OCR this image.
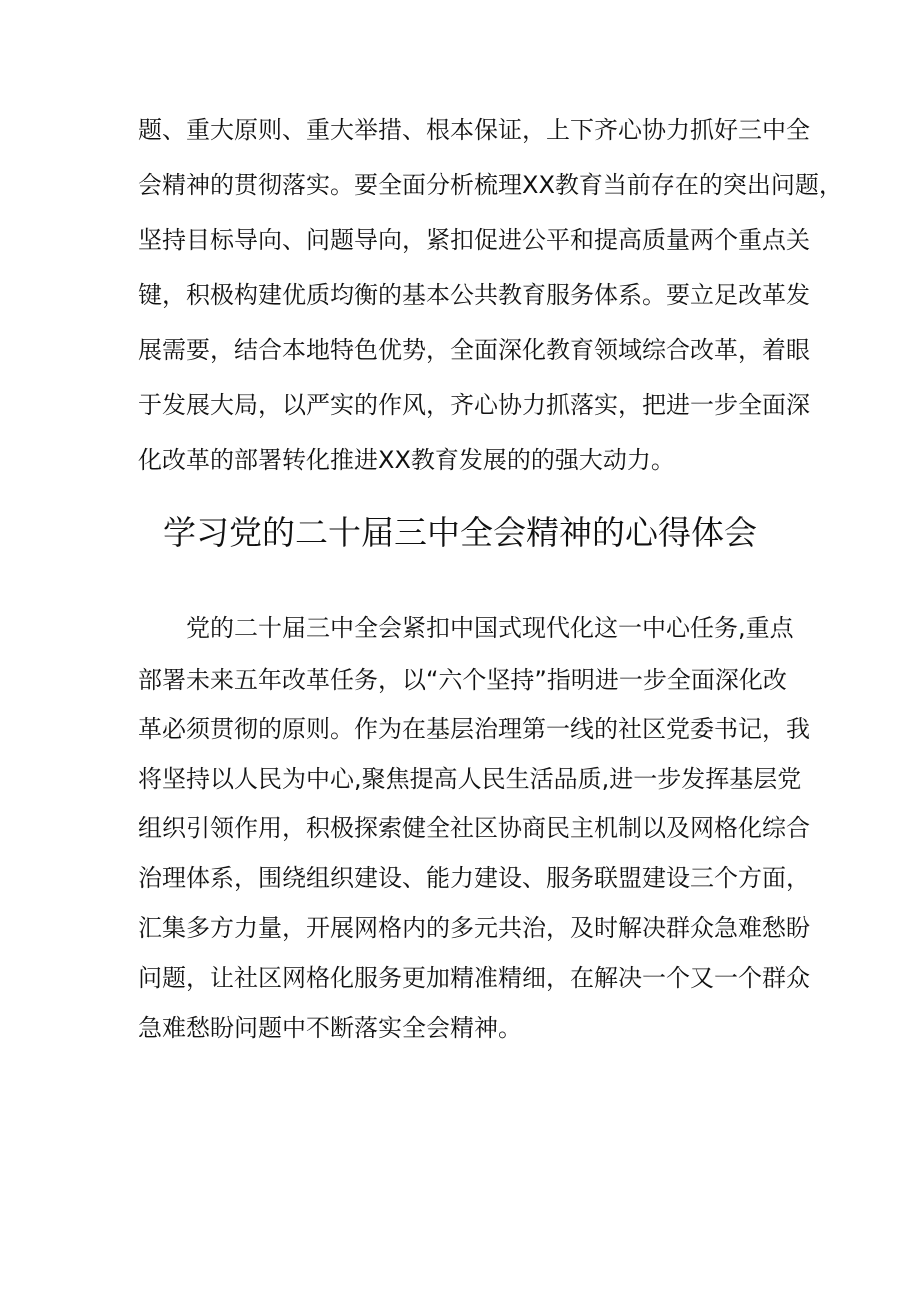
题、重大原则、重大举措、根本保证，上下齐心协力抓好三中全
会精神的贯彻落实。要全面分析梳理XX教育当前存在的突出问题，
坚持目标导向、问题导向，紧扣促进公平和提高质量两个重点关
键，积极构建优质均衡的基本公共教育服务体系。要立足改革发
展需要，结合本地特色优势，全面深化教育领域综合改革，着眼
于发展大局，以严实的作风，齐心协力抓落实，把进一步全面深
化改革的部署转化推进XX教育发展的的强大动力。
学习党的二十届三中全会精神的心得体会
　　党的二十届三中全会紧扣中国式现代化这一中心任务,重点
部署未来五年改革任务，以“六个坚持”指明进一步全面深化改
革必须贯彻的原则。作为在基层治理第一线的社区党委书记，我
将坚持以人民为中心,聚焦提高人民生活品质,进一步发挥基层党
组织引领作用，积极探索健全社区协商民主机制以及网格化综合
治理体系，围绕组织建设、能力建设、服务联盟建设三个方面，
汇集多方力量，开展网格内的多元共治，及时解决群众急难愁盼
问题，让社区网格化服务更加精准精细，在解决一个又一个群众
急难愁盼问题中不断落实全会精神。
